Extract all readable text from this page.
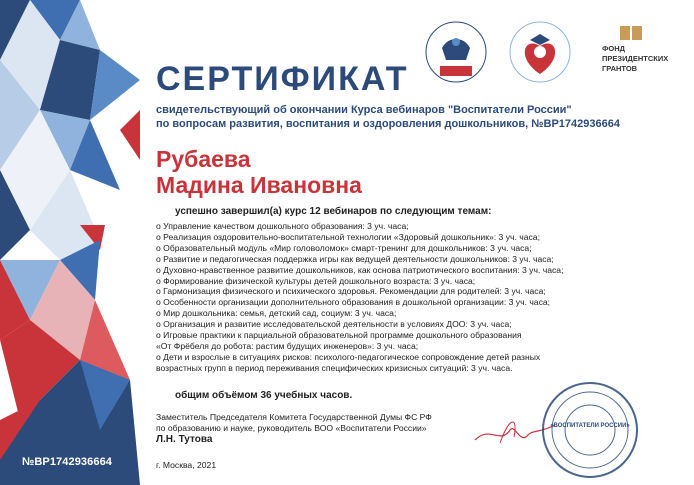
№ВР1742936664
ФОНД
ПРЕЗИДЕНТСКИХ
ГРАНТОВ
СЕРТИФИКАТ
свидетельствующий об окончании Курса вебинаров "Воспитатели России"
по вопросам развития, воспитания и оздоровления дошкольников, №ВР1742936664
Рубаева
Мадина Ивановна
успешно завершил(а) курс 12 вебинаров по следующим темам:
o Управление качеством дошкольного образования: 3 уч. часа;
o Реализация оздоровительно-воспитательной технологии «Здоровый дошкольник»: 3 уч. часа;
o Образовательный модуль «Мир головоломок» смарт-тренинг для дошкольников: 3 уч. часа;
o Развитие и педагогическая поддержка игры как ведущей деятельности дошкольников: 3 уч. часа;
o Духовно-нравственное развитие дошкольников, как основа патриотического воспитания: 3 уч. часа;
o Формирование физической культуры детей дошкольного возраста: 3 уч. часа;
o Гармонизация физического и психического здоровья. Рекомендации для родителей: 3 уч. часа;
o Особенности организации дополнительного образования в дошкольной организации: 3 уч. часа;
o Мир дошкольника: семья, детский сад, социум: 3 уч. часа;
o Организация и развитие исследовательской деятельности в условиях ДОО: 3 уч. часа;
o Игровые практики к парциальной образовательной программе дошкольного образования
«От Фрёбеля до робота: растим будущих инженеров»: 3 уч. часа;
o Дети и взрослые в ситуациях рисков: психолого-педагогическое сопровождение детей разных
возрастных групп в период переживания специфических кризисных ситуаций: 3 уч. часа.
общим объёмом 36 учебных часов.
Заместитель Председателя Комитета Государственной Думы ФС РФ
по образованию и науке, руководитель ВОО «Воспитатели России»
Л.Н. Тутова
г. Москва, 2021
«ВОСПИТАТЕЛИ РОССИИ»
